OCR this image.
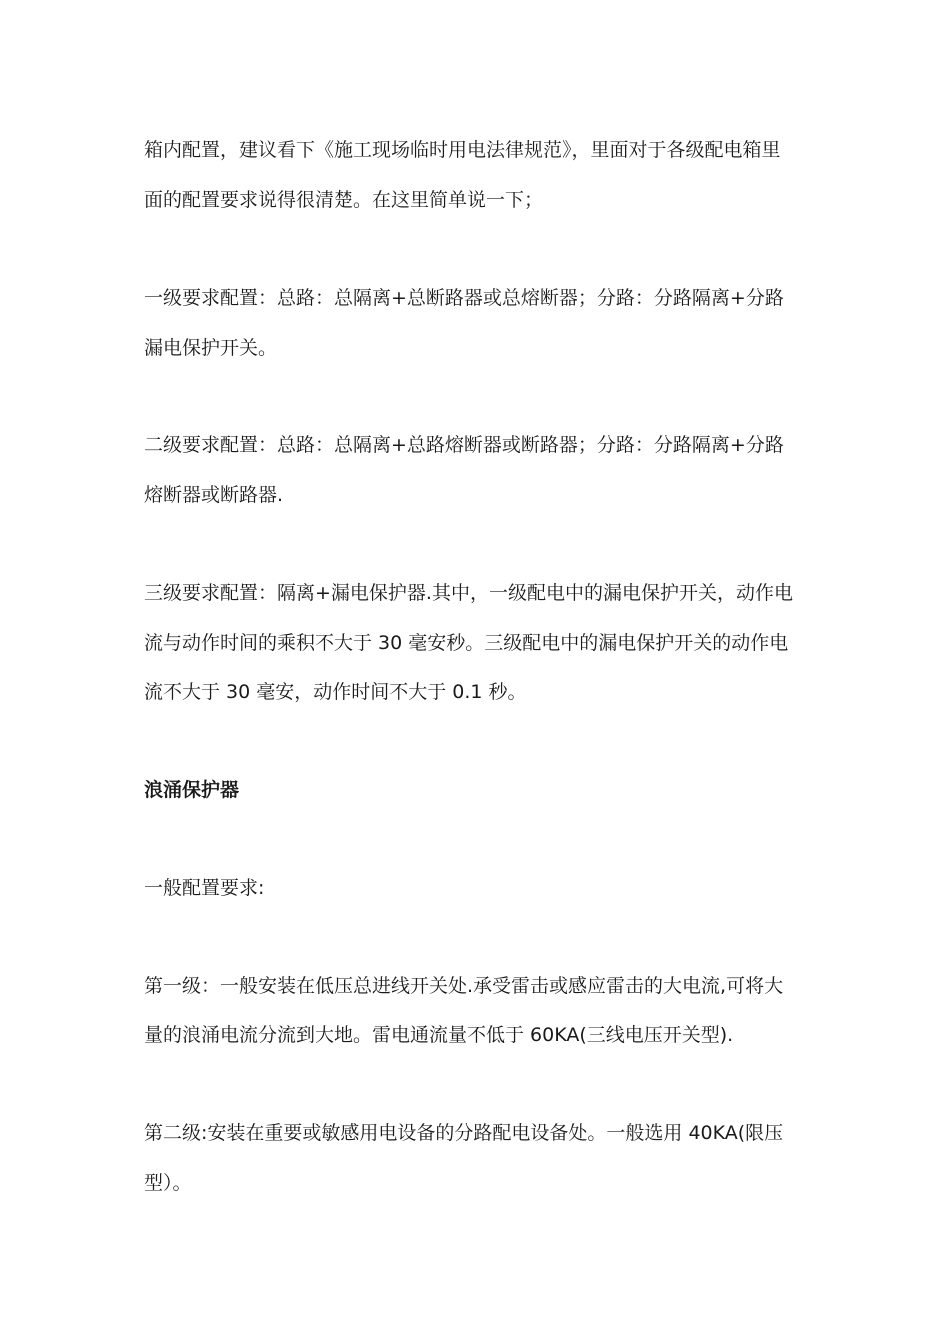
箱内配置，建议看下《施工现场临时用电法律规范》，里面对于各级配电箱里
面的配置要求说得很清楚。在这里简单说一下；
一级要求配置：总路：总隔离+总断路器或总熔断器；分路：分路隔离+分路
漏电保护开关。
二级要求配置：总路：总隔离+总路熔断器或断路器；分路：分路隔离+分路
熔断器或断路器.
三级要求配置：隔离+漏电保护器.其中，一级配电中的漏电保护开关，动作电
流与动作时间的乘积不大于 30 毫安秒。三级配电中的漏电保护开关的动作电
流不大于 30 毫安，动作时间不大于 0.1 秒。
浪涌保护器
一般配置要求:
第一级：一般安装在低压总进线开关处.承受雷击或感应雷击的大电流,可将大
量的浪涌电流分流到大地。雷电通流量不低于 60KA(三线电压开关型).
第二级:安装在重要或敏感用电设备的分路配电设备处。一般选用 40KA(限压
型）。
